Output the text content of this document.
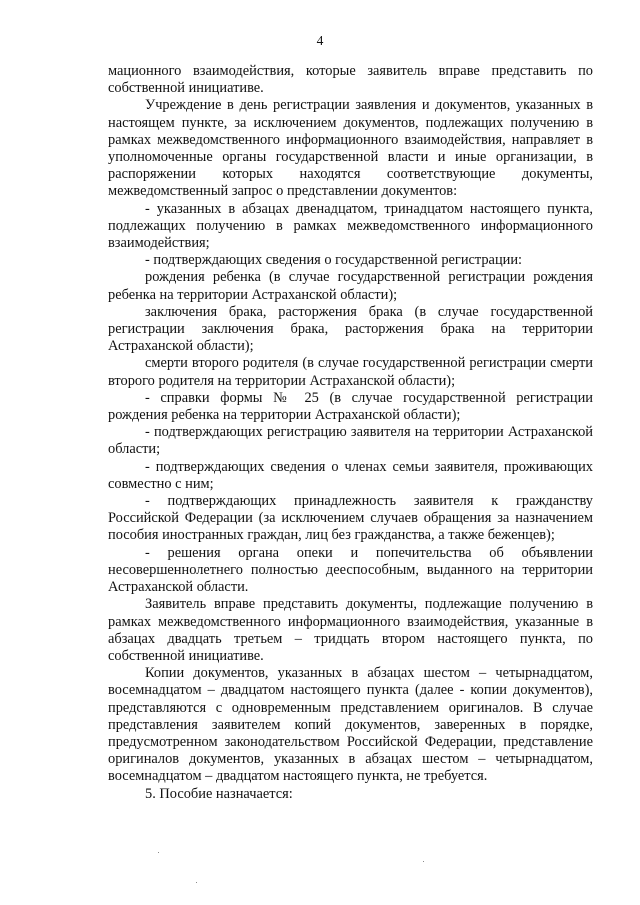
4

мационного взаимодействия, которые заявитель вправе представить по собственной инициативе.

Учреждение в день регистрации заявления и документов, указанных в настоящем пункте, за исключением документов, подлежащих получению в рамках межведомственного информационного взаимодействия, направляет в уполномоченные органы государственной власти и иные организации, в распоряжении которых находятся соответствующие документы, межведомственный запрос о представлении документов:

- указанных в абзацах двенадцатом, тринадцатом настоящего пункта, подлежащих получению в рамках межведомственного информационного взаимодействия;

- подтверждающих сведения о государственной регистрации:

рождения ребенка (в случае государственной регистрации рождения ребенка на территории Астраханской области);

заключения брака, расторжения брака (в случае государственной регистрации заключения брака, расторжения брака на территории Астраханской области);

смерти второго родителя (в случае государственной регистрации смерти второго родителя на территории Астраханской области);

- справки формы № 25 (в случае государственной регистрации рождения ребенка на территории Астраханской области);

- подтверждающих регистрацию заявителя на территории Астраханской области;

- подтверждающих сведения о членах семьи заявителя, проживающих совместно с ним;

- подтверждающих принадлежность заявителя к гражданству Российской Федерации (за исключением случаев обращения за назначением пособия иностранных граждан, лиц без гражданства, а также беженцев);

- решения органа опеки и попечительства об объявлении несовершеннолетнего полностью дееспособным, выданного на территории Астраханской области.

Заявитель вправе представить документы, подлежащие получению в рамках межведомственного информационного взаимодействия, указанные в абзацах двадцать третьем – тридцать втором настоящего пункта, по собственной инициативе.

Копии документов, указанных в абзацах шестом – четырнадцатом, восемнадцатом – двадцатом настоящего пункта (далее - копии документов), представляются с одновременным представлением оригиналов. В случае представления заявителем копий документов, заверенных в порядке, предусмотренном законодательством Российской Федерации, представление оригиналов документов, указанных в абзацах шестом – четырнадцатом, восемнадцатом – двадцатом настоящего пункта, не требуется.

5. Пособие назначается:
